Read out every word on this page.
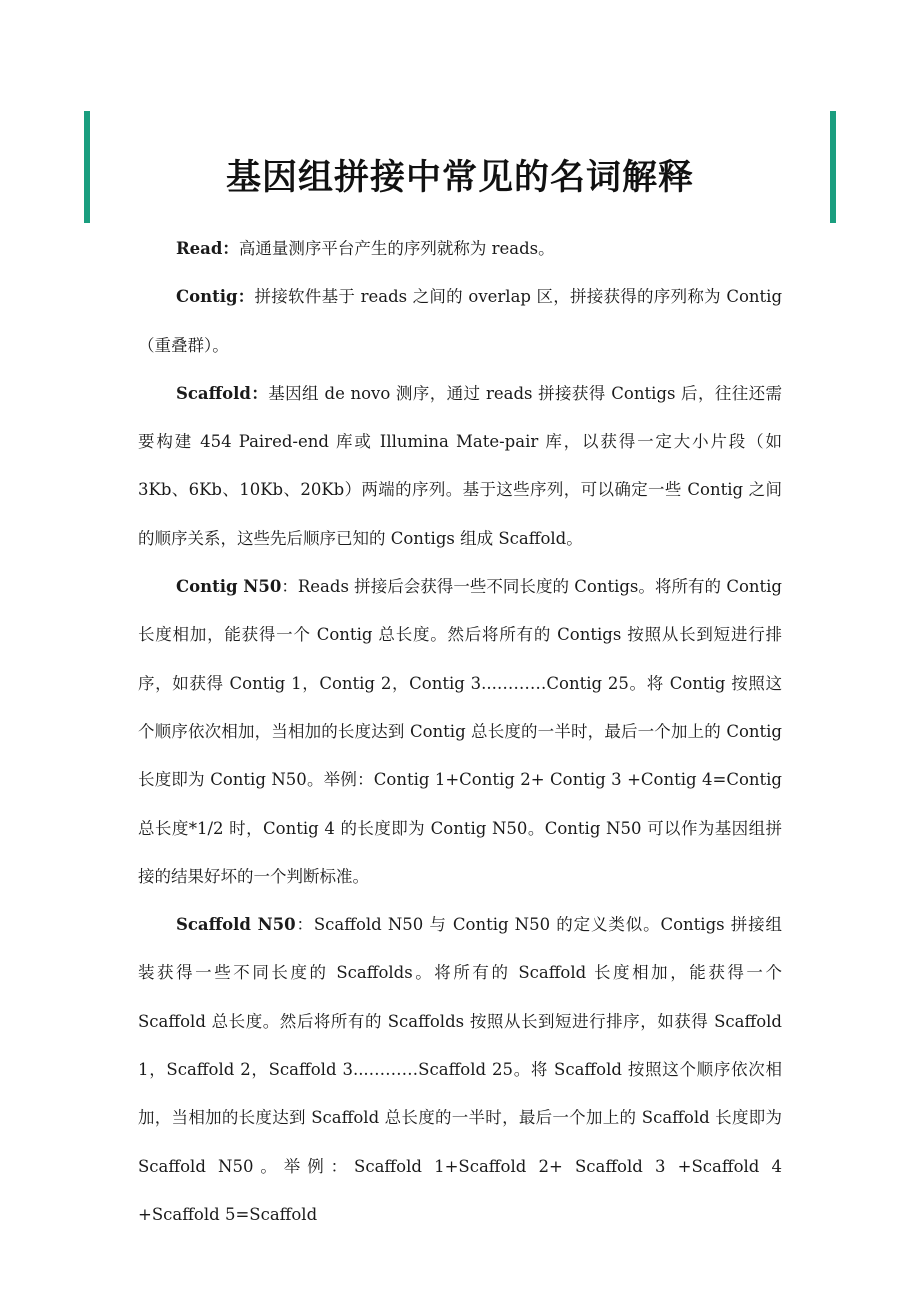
基因组拼接中常见的名词解释

Read：高通量测序平台产生的序列就称为 reads。

Contig：拼接软件基于 reads 之间的 overlap 区，拼接获得的序列称为 Contig（重叠群）。

Scaffold：基因组 de novo 测序，通过 reads 拼接获得 Contigs 后，往往还需要构建 454 Paired-end 库或 Illumina Mate-pair 库，以获得一定大小片段（如 3Kb、6Kb、10Kb、20Kb）两端的序列。基于这些序列，可以确定一些 Contig 之间的顺序关系，这些先后顺序已知的 Contigs 组成 Scaffold。

Contig N50：Reads 拼接后会获得一些不同长度的 Contigs。将所有的 Contig 长度相加，能获得一个 Contig 总长度。然后将所有的 Contigs 按照从长到短进行排序，如获得 Contig 1，Contig 2，Contig 3...………Contig 25。将 Contig 按照这个顺序依次相加，当相加的长度达到 Contig 总长度的一半时，最后一个加上的 Contig 长度即为 Contig N50。举例：Contig 1+Contig 2+ Contig 3 +Contig 4=Contig 总长度*1/2 时，Contig 4 的长度即为 Contig N50。Contig N50 可以作为基因组拼接的结果好坏的一个判断标准。

Scaffold N50：Scaffold N50 与 Contig N50 的定义类似。Contigs 拼接组装获得一些不同长度的 Scaffolds。将所有的 Scaffold 长度相加，能获得一个 Scaffold 总长度。然后将所有的 Scaffolds 按照从长到短进行排序，如获得 Scaffold 1，Scaffold 2，Scaffold 3...………Scaffold 25。将 Scaffold 按照这个顺序依次相加，当相加的长度达到 Scaffold 总长度的一半时，最后一个加上的 Scaffold 长度即为 Scaffold N50。举例：Scaffold 1+Scaffold 2+ Scaffold 3 +Scaffold 4 +Scaffold 5=Scaffold
